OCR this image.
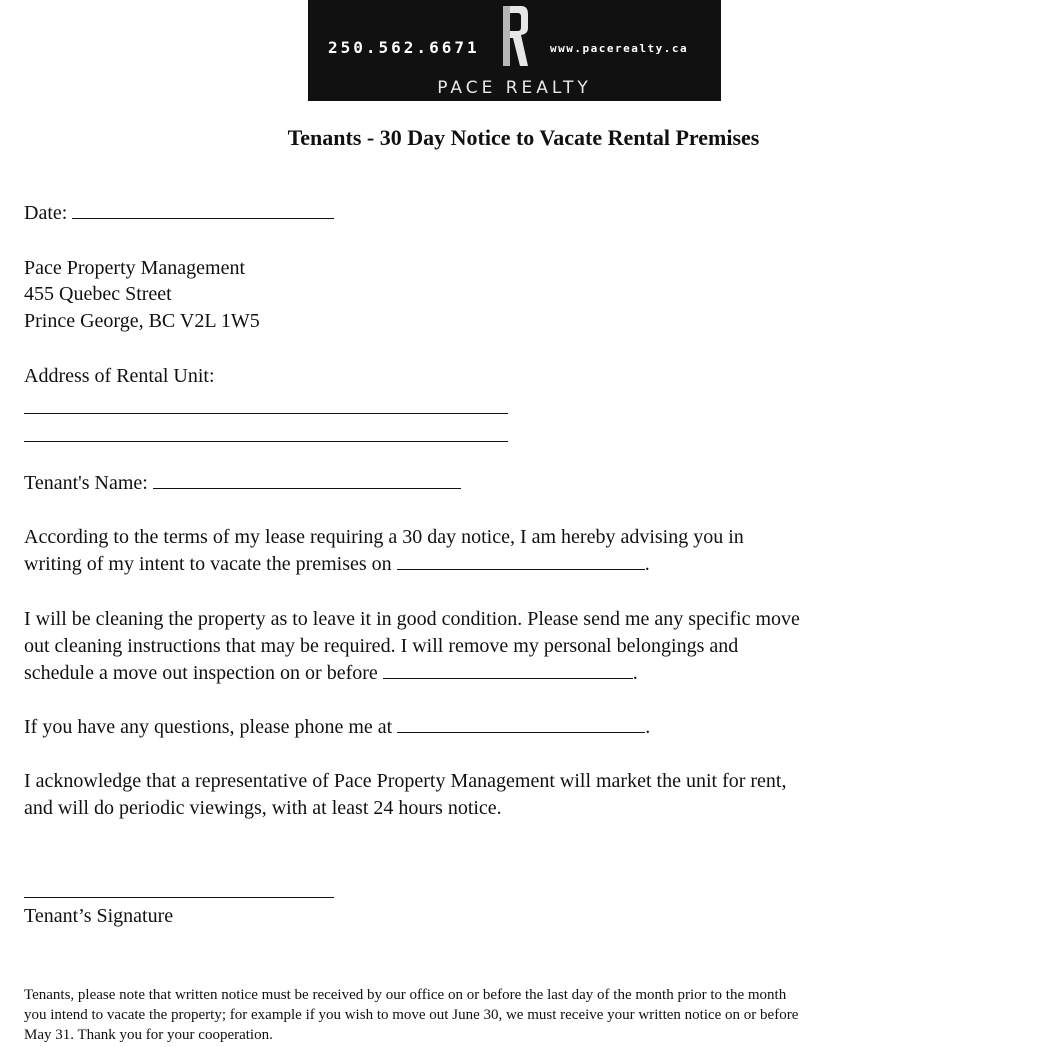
250.562.6671	www.pacerealty.ca
PACE REALTY
Tenants - 30 Day Notice to Vacate Rental Premises
Date:
Pace Property Management
455 Quebec Street
Prince George, BC V2L 1W5
Address of Rental Unit:
Tenant's Name:
According to the terms of my lease requiring a 30 day notice, I am hereby advising you in
writing of my intent to vacate the premises on	.
I will be cleaning the property as to leave it in good condition. Please send me any specific move
out cleaning instructions that may be required. I will remove my personal belongings and
schedule a move out inspection on or before	.
If you have any questions, please phone me at	.
I acknowledge that a representative of Pace Property Management will market the unit for rent,
and will do periodic viewings, with at least 24 hours notice.
Tenant’s Signature
Tenants, please note that written notice must be received by our office on or before the last day of the month prior to the month
you intend to vacate the property; for example if you wish to move out June 30, we must receive your written notice on or before
May 31. Thank you for your cooperation.
